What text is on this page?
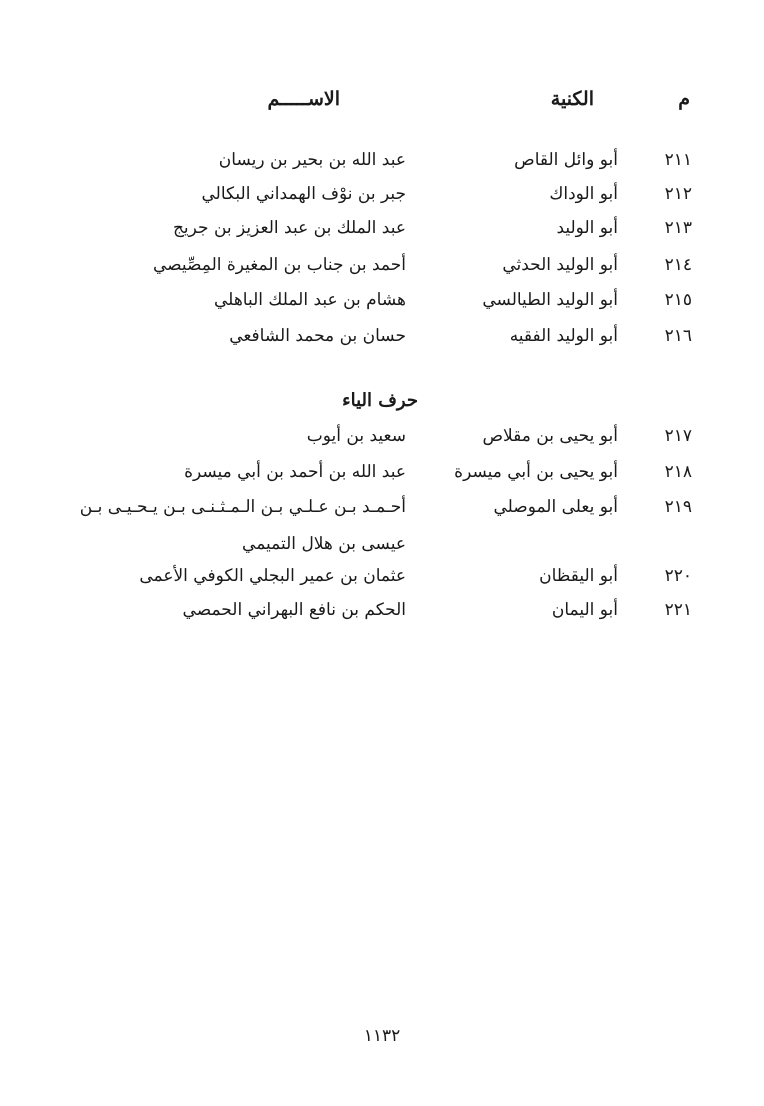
م
الكنية
الاســـــم
٢١١
أبو وائل القاص
عبد الله بن بحير بن ريسان
٢١٢
أبو الوداك
جبر بن نوْف الهمداني البكالي
٢١٣
أبو الوليد
عبد الملك بن عبد العزيز بن جريج
٢١٤
أبو الوليد الحدثي
أحمد بن جناب بن المغيرة المِصِّيصي
٢١٥
أبو الوليد الطيالسي
هشام بن عبد الملك الباهلي
٢١٦
أبو الوليد الفقيه
حسان بن محمد الشافعي
حرف الياء
٢١٧
أبو يحيى بن مقلاص
سعيد بن أيوب
٢١٨
أبو يحيى بن أبي ميسرة
عبد الله بن أحمد بن أبي ميسرة
٢١٩
أبو يعلى الموصلي
أحـمـد بـن عـلـي بـن الـمـثـنـى بـن يـحـيـى بـن
عيسى بن هلال التميمي
٢٢٠
أبو اليقظان
عثمان بن عمير البجلي الكوفي الأعمى
٢٢١
أبو اليمان
الحكم بن نافع البهراني الحمصي
١١٣٢
